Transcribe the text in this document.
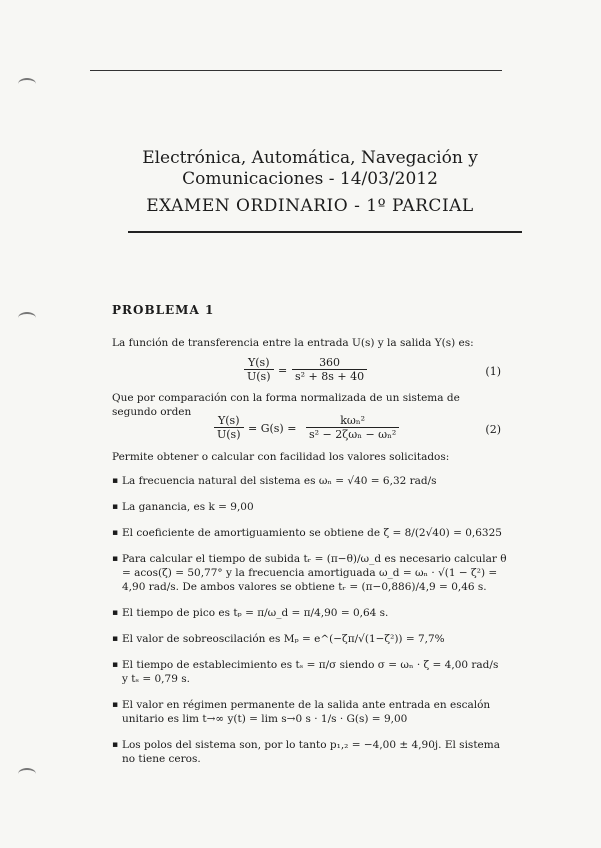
Electrónica, Automática, Navegación y
Comunicaciones - 14/03/2012
EXAMEN ORDINARIO - 1º PARCIAL
PROBLEMA 1
La función de transferencia entre la entrada U(s) y la salida Y(s) es:
$\frac{Y(s)}{U(s)} = \frac{360}{\text{s² + 8s + 40}}$	(1)
Que por comparación con la forma normalizada de un sistema de segundo orden
$\frac{Y(s)}{U(s)} = G(s)$ =
kωₙ²
s² − 2ζωₙ − ωₙ²	(2)
Permite obtener o calcular con facilidad los valores solicitados:
▪ La frecuencia natural del sistema es ωₙ = √40 = 6,32 rad/s
▪ La ganancia, es k = 9,00
▪ El coeficiente de amortiguamiento se obtiene de ζ = 8/(2√40) = 0,6325
▪ Para calcular el tiempo de subida tᵣ = (π−θ)/ω_d es necesario calcular θ = acos(ζ) = 50,77° y la frecuencia amortiguada ω_d = ωₙ · √(1 − ζ²) = 4,90 rad/s. De ambos valores se obtiene tᵣ = (π−0,886)/4,9 = 0,46 s.
▪ El tiempo de pico es tₚ = π/ω_d = π/4,90 = 0,64 s.
▪ El valor de sobreoscilación es Mₚ = e^(−ζπ/√(1−ζ²)) = 7,7%
▪ El tiempo de establecimiento es tₛ = π/σ siendo σ = ωₙ · ζ = 4,00 rad/s y tₛ = 0,79 s.
▪ El valor en régimen permanente de la salida ante entrada en escalón unitario es lim t→∞ y(t) = lim s→0 s · 1/s · G(s) = 9,00
▪ Los polos del sistema son, por lo tanto p₁,₂ = −4,00 ± 4,90j. El sistema no tiene ceros.
